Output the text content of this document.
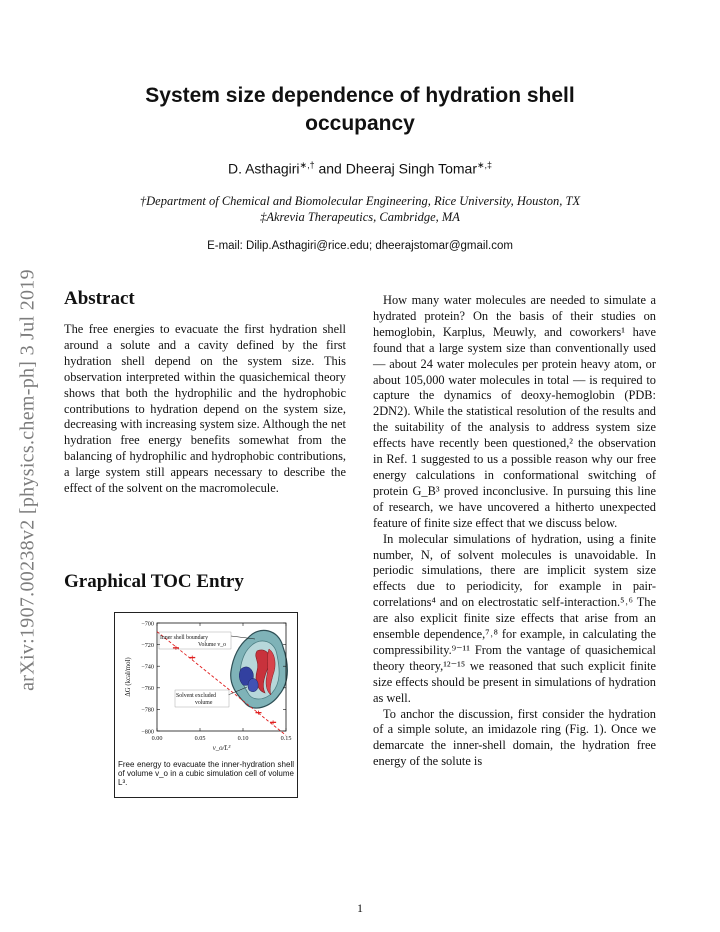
arXiv:1907.00238v2 [physics.chem-ph] 3 Jul 2019
System size dependence of hydration shell occupancy
D. Asthagiri∗,† and Dheeraj Singh Tomar∗,‡
†Department of Chemical and Biomolecular Engineering, Rice University, Houston, TX
‡Akrevia Therapeutics, Cambridge, MA
E-mail: Dilip.Asthagiri@rice.edu; dheerajstomar@gmail.com
Abstract
The free energies to evacuate the first hydration shell around a solute and a cavity defined by the first hydration shell depend on the system size. This observation interpreted within the quasichemical theory shows that both the hydrophilic and the hydrophobic contributions to hydration depend on the system size, decreasing with increasing system size. Although the net hydration free energy benefits somewhat from the balancing of hydrophilic and hydrophobic contributions, a large system still appears necessary to describe the effect of the solvent on the macromolecule.
Graphical TOC Entry
−700
−720
−740
−760
−780
−800
0.00	0.05	0.10	0.15
v_o/L³
ΔG (kcal/mol)
Inner shell boundary
Volume v_o
Solvent excluded
volume
Free energy to evacuate the inner-hydration shell of volume v_o in a cubic simulation cell of volume L³.

How many water molecules are needed to simulate a hydrated protein? On the basis of their studies on hemoglobin, Karplus, Meuwly, and coworkers¹ have found that a large system size than conventionally used — about 24 water molecules per protein heavy atom, or about 105,000 water molecules in total — is required to capture the dynamics of deoxy-hemoglobin (PDB: 2DN2). While the statistical resolution of the results and the suitability of the analysis to address system size effects have recently been questioned,² the observation in Ref. 1 suggested to us a possible reason why our free energy calculations in conformational switching of protein G_B³ proved inconclusive. In pursuing this line of research, we have uncovered a hitherto unexpected feature of finite size effect that we discuss below.

In molecular simulations of hydration, using a finite number, N, of solvent molecules is unavoidable. In periodic simulations, there are implicit system size effects due to periodicity, for example in pair-correlations⁴ and on electrostatic self-interaction.⁵˒⁶ The are also explicit finite size effects that arise from an ensemble dependence,⁷˒⁸ for example, in calculating the compressibility.⁹⁻¹¹ From the vantage of quasichemical theory theory,¹²⁻¹⁵ we reasoned that such explicit finite size effects should be present in simulations of hydration as well.

To anchor the discussion, first consider the hydration of a simple solute, an imidazole ring (Fig. 1). Once we demarcate the inner-shell domain, the hydration free energy of the solute is

1
